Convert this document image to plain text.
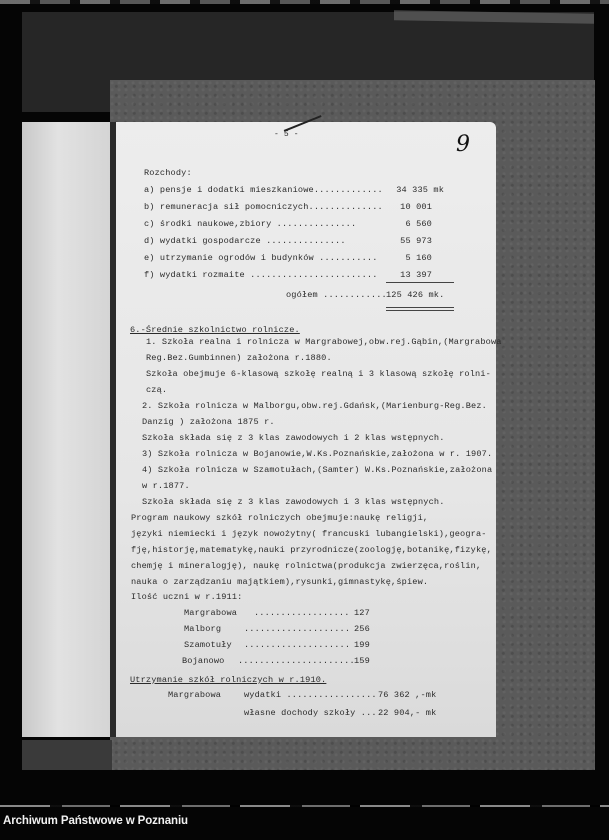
- 5 -	9
Rozchody:
a) pensje i dodatki mieszkaniowe.............	34 335 mk
b) remuneracja sił pomocniczych..............	10 001
c) środki naukowe,zbiory ...............	6 560
d) wydatki gospodarcze ...............	55 973
e) utrzymanie ogrodów i budynków ...........	5 160
f) wydatki rozmaite ........................	13 397
ogółem ............ 125 426 mk.
6.-Średnie szkolnictwo rolnicze.
1. Szkoła realna i rolnicza w Margrabowej,obw.rej.Gąbin,(Margrabowa
Reg.Bez.Gumbinnen) założona r.1880.
Szkoła obejmuje 6-klasową szkołę realną i 3 klasową szkołę rolni-
czą.
2. Szkoła rolnicza w Malborgu,obw.rej.Gdańsk,(Marienburg-Reg.Bez.
Danzig ) założona 1875 r.
Szkoła składa się z 3 klas zawodowych i 2 klas wstępnych.
3) Szkoła rolnicza w Bojanowie,W.Ks.Poznańskie,założona w r. 1907.
4) Szkoła rolnicza w Szamotułach,(Samter) W.Ks.Poznańskie,założona
w r.1877.
Szkoła składa się z 3 klas zawodowych i 3 klas wstępnych.
Program naukowy szkół rolniczych obejmuje:naukę religji,
języki niemiecki i język nowożytny( francuski lubangielski),geogra-
fję,historję,matematykę,nauki przyrodnicze(zoologję,botanikę,fizykę,
chemję i mineralogję), naukę rolnictwa(produkcja zwierzęca,roślin,
nauka o zarządzaniu majątkiem),rysunki,gimnastykę,śpiew.
Ilość uczni w r.1911:
Margrabowa .................. 127
Malborg	.................... 256
Szamotuły .................... 199
Bojanowo ...................... 159
Utrzymanie szkół rolniczych w r.1910.
Margrabowa	wydatki ................. 76 362 ,-mk
własne dochody szkoły ... 22 904,- mk
Archiwum Państwowe w Poznaniu
